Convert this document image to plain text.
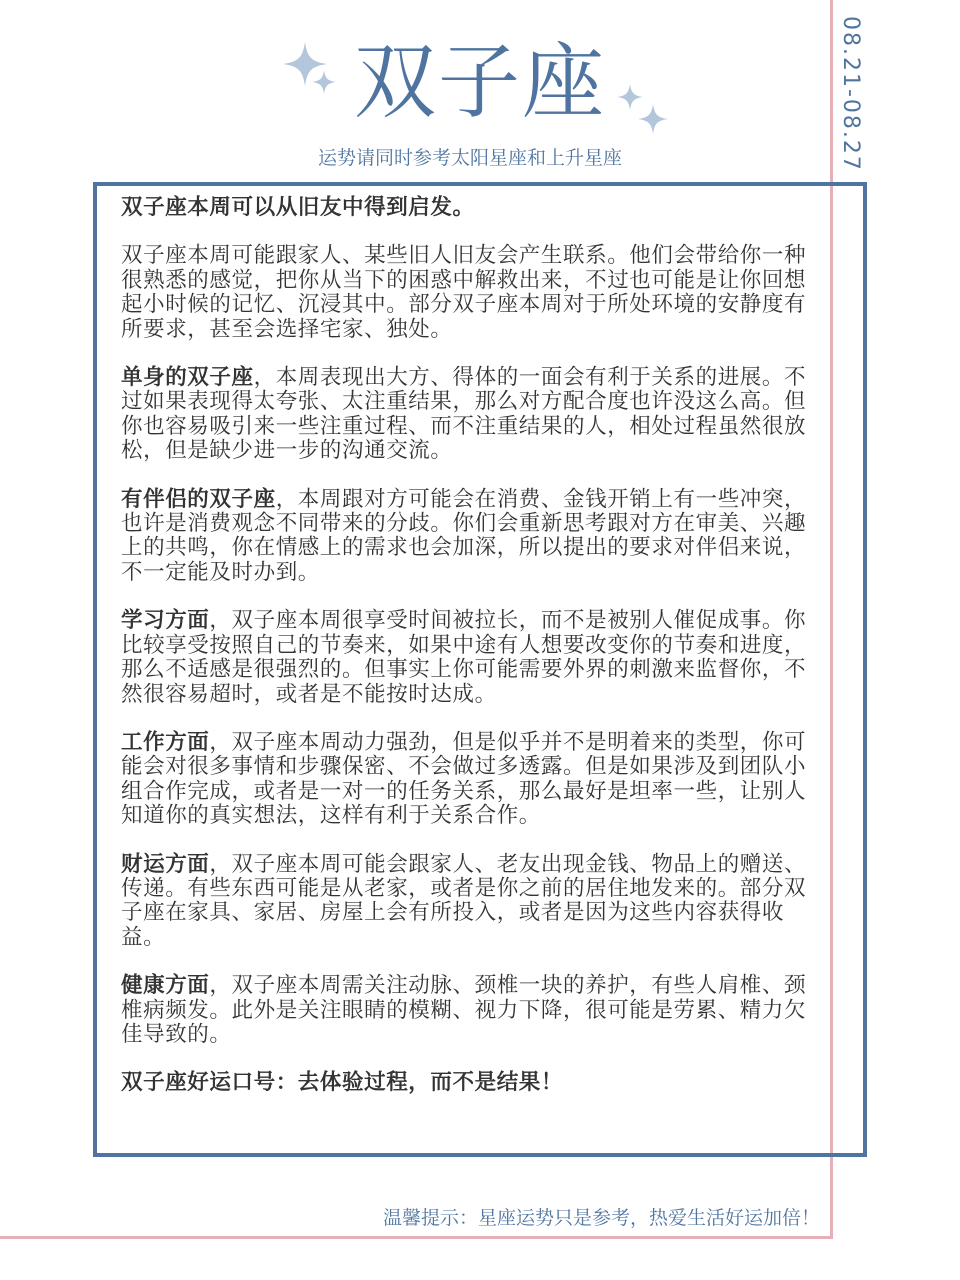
08.21-08.27
双子座
运势请同时参考太阳星座和上升星座

双子座本周可以从旧友中得到启发。

双子座本周可能跟家人、某些旧人旧友会产生联系。他们会带给你一种很熟悉的感觉，把你从当下的困惑中解救出来，不过也可能是让你回想起小时候的记忆、沉浸其中。部分双子座本周对于所处环境的安静度有所要求，甚至会选择宅家、独处。

单身的双子座，本周表现出大方、得体的一面会有利于关系的进展。不过如果表现得太夸张、太注重结果，那么对方配合度也许没这么高。但你也容易吸引来一些注重过程、而不注重结果的人，相处过程虽然很放松，但是缺少进一步的沟通交流。

有伴侣的双子座，本周跟对方可能会在消费、金钱开销上有一些冲突，也许是消费观念不同带来的分歧。你们会重新思考跟对方在审美、兴趣上的共鸣，你在情感上的需求也会加深，所以提出的要求对伴侣来说，不一定能及时办到。

学习方面，双子座本周很享受时间被拉长，而不是被别人催促成事。你比较享受按照自己的节奏来，如果中途有人想要改变你的节奏和进度，那么不适感是很强烈的。但事实上你可能需要外界的刺激来监督你，不然很容易超时，或者是不能按时达成。

工作方面，双子座本周动力强劲，但是似乎并不是明着来的类型，你可能会对很多事情和步骤保密、不会做过多透露。但是如果涉及到团队小组合作完成，或者是一对一的任务关系，那么最好是坦率一些，让别人知道你的真实想法，这样有利于关系合作。

财运方面，双子座本周可能会跟家人、老友出现金钱、物品上的赠送、传递。有些东西可能是从老家，或者是你之前的居住地发来的。部分双子座在家具、家居、房屋上会有所投入，或者是因为这些内容获得收益。

健康方面，双子座本周需关注动脉、颈椎一块的养护，有些人肩椎、颈椎病频发。此外是关注眼睛的模糊、视力下降，很可能是劳累、精力欠佳导致的。

双子座好运口号：去体验过程，而不是结果！

温馨提示：星座运势只是参考，热爱生活好运加倍！
